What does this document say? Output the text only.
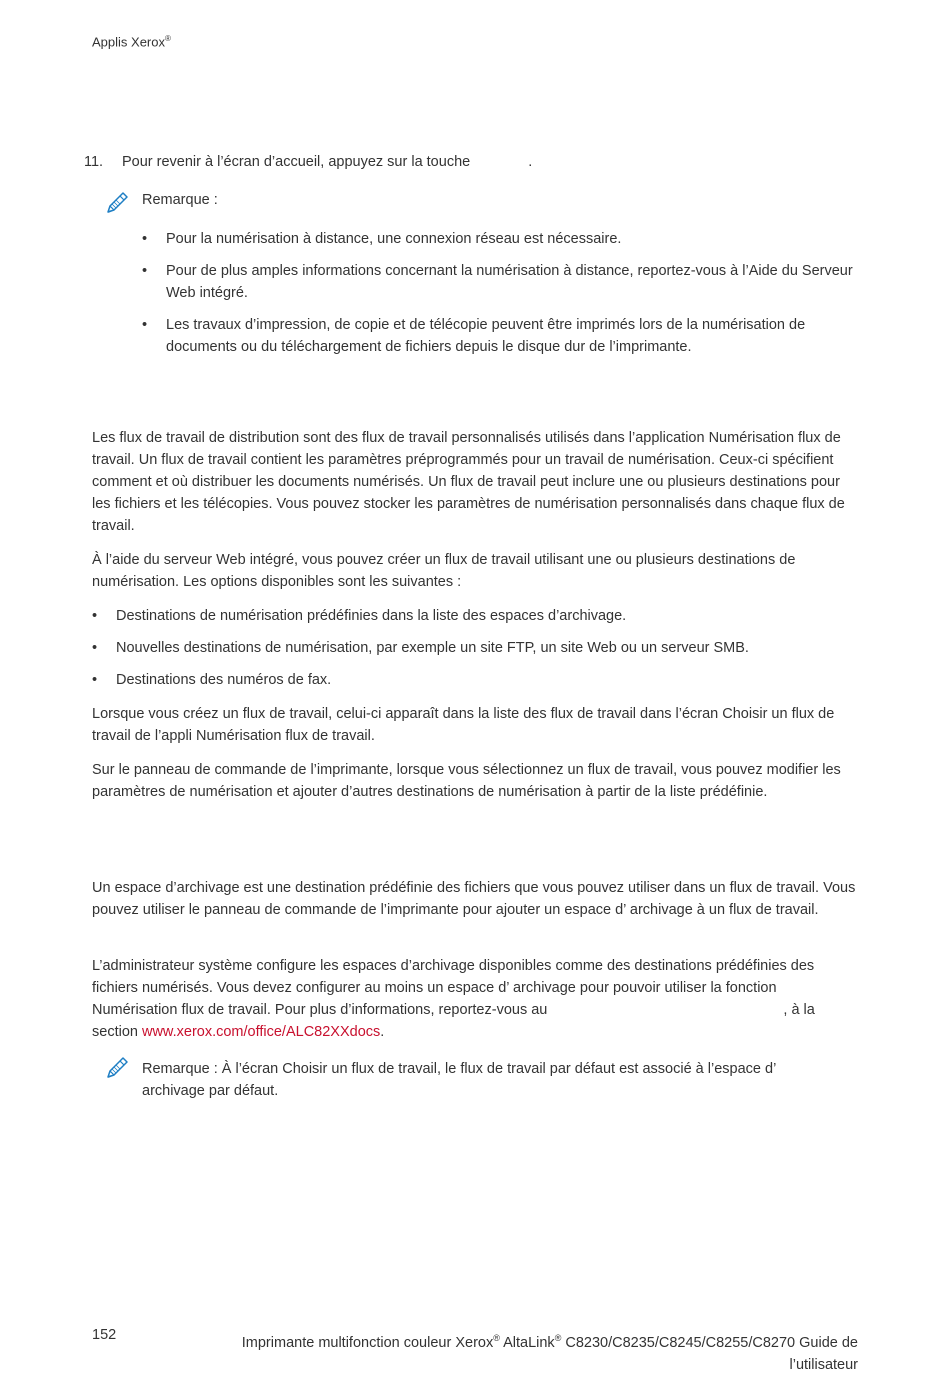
Applis Xerox®
11. Pour revenir à l’écran d’accueil, appuyez sur la touche	.
Remarque :
• Pour la numérisation à distance, une connexion réseau est nécessaire.
• Pour de plus amples informations concernant la numérisation à distance, reportez-vous à l’Aide du Serveur Web intégré.
• Les travaux d’impression, de copie et de télécopie peuvent être imprimés lors de la numérisation de documents ou du téléchargement de fichiers depuis le disque dur de l’imprimante.

Les flux de travail de distribution sont des flux de travail personnalisés utilisés dans l’application Numérisation flux de travail. Un flux de travail contient les paramètres préprogrammés pour un travail de numérisation. Ceux-ci spécifient comment et où distribuer les documents numérisés. Un flux de travail peut inclure une ou plusieurs destinations pour les fichiers et les télécopies. Vous pouvez stocker les paramètres de numérisation personnalisés dans chaque flux de travail.

À l’aide du serveur Web intégré, vous pouvez créer un flux de travail utilisant une ou plusieurs destinations de numérisation. Les options disponibles sont les suivantes :

• Destinations de numérisation prédéfinies dans la liste des espaces d’archivage.
• Nouvelles destinations de numérisation, par exemple un site FTP, un site Web ou un serveur SMB.
• Destinations des numéros de fax.

Lorsque vous créez un flux de travail, celui-ci apparaît dans la liste des flux de travail dans l’écran Choisir un flux de travail de l’appli Numérisation flux de travail.

Sur le panneau de commande de l’imprimante, lorsque vous sélectionnez un flux de travail, vous pouvez modifier les paramètres de numérisation et ajouter d’autres destinations de numérisation à partir de la liste prédéfinie.

Un espace d’archivage est une destination prédéfinie des fichiers que vous pouvez utiliser dans un flux de travail. Vous pouvez utiliser le panneau de commande de l’imprimante pour ajouter un espace d’ archivage à un flux de travail.

L’administrateur système configure les espaces d’archivage disponibles comme des destinations prédéfinies des fichiers numérisés. Vous devez configurer au moins un espace d’ archivage pour pouvoir utiliser la fonction Numérisation flux de travail. Pour plus d’informations, reportez-vous au	, à la section www.xerox.com/office/ALC82XXdocs.

Remarque : À l’écran Choisir un flux de travail, le flux de travail par défaut est associé à l’espace d’ archivage par défaut.
152	Imprimante multifonction couleur Xerox® AltaLink® C8230/C8235/C8245/C8255/C8270 Guide de l’utilisateur
